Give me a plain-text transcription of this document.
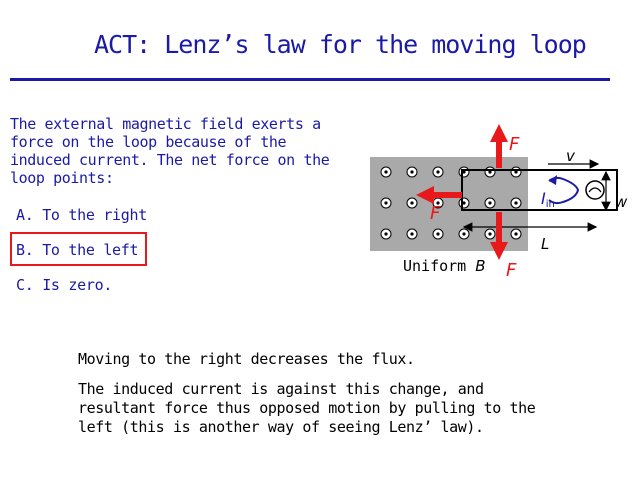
ACT: Lenz’s law for the moving loop
The external magnetic field exerts a force on the loop because of the induced current. The net force on the loop points:
A. To the right
B. To the left
C. Is zero.
v
w
L
Iin
F
F
F
Uniform B
Moving to the right decreases the flux.
The induced current is against this change, and resultant force thus opposed motion by pulling to the left (this is another way of seeing Lenz’ law).
